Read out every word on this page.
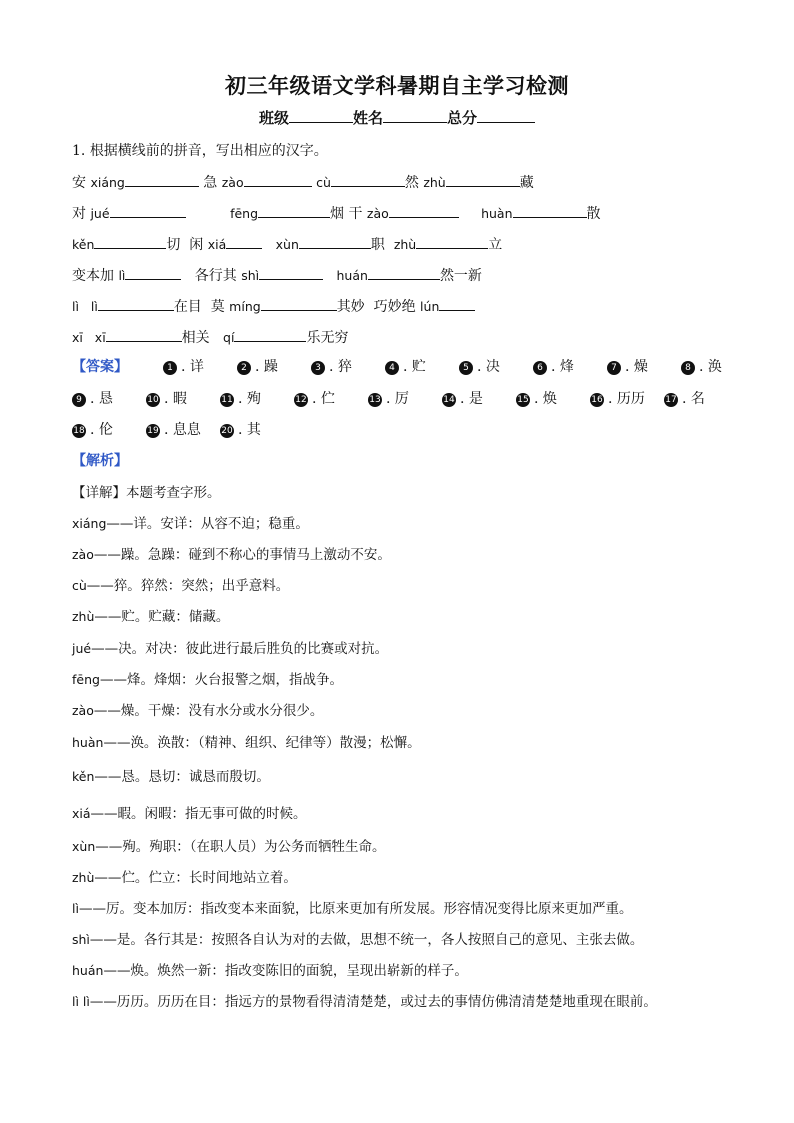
初三年级语文学科暑期自主学习检测
班级	姓名	总分
1. 根据横线前的拼音，写出相应的汉字。
安 xiáng	急 zào	cù	然 zhù	藏
对 jué	fēng	烟 干 zào	huàn	散
kěn	切  闲 xiá	xùn	职  zhù	立
变本加 lì	各行其 shì	huán	然一新
lì   lì	在目  莫 míng	其妙  巧妙绝 lún
xī   xī	相关   qí	乐无穷
【答案】	1 . 详	2 . 躁	3 . 猝	4 . 贮	5 . 决	6 . 烽	7 . 燥	8 . 涣
9 . 恳	10 . 暇	11 . 殉	12 . 伫	13 . 厉	14 . 是	15 . 焕	16 . 历历 17 . 名
18 . 伦	19 . 息息 20 . 其
【解析】
【详解】本题考查字形。
xiáng——详。安详：从容不迫；稳重。
zào——躁。急躁：碰到不称心的事情马上激动不安。
cù——猝。猝然：突然；出乎意料。
zhù——贮。贮藏：储藏。
jué——决。对决：彼此进行最后胜负的比赛或对抗。
fēng——烽。烽烟：火台报警之烟，指战争。
zào——燥。干燥：没有水分或水分很少。
huàn——涣。涣散：（精神、组织、纪律等）散漫；松懈。
kěn——恳。恳切：诚恳而殷切。
xiá——暇。闲暇：指无事可做的时候。
xùn——殉。殉职：（在职人员）为公务而牺牲生命。
zhù——伫。伫立：长时间地站立着。
lì——厉。变本加厉：指改变本来面貌，比原来更加有所发展。形容情况变得比原来更加严重。
shì——是。各行其是：按照各自认为对的去做，思想不统一，各人按照自己的意见、主张去做。
huán——焕。焕然一新：指改变陈旧的面貌，呈现出崭新的样子。
lì lì——历历。历历在目：指远方的景物看得清清楚楚，或过去的事情仿佛清清楚楚地重现在眼前。
